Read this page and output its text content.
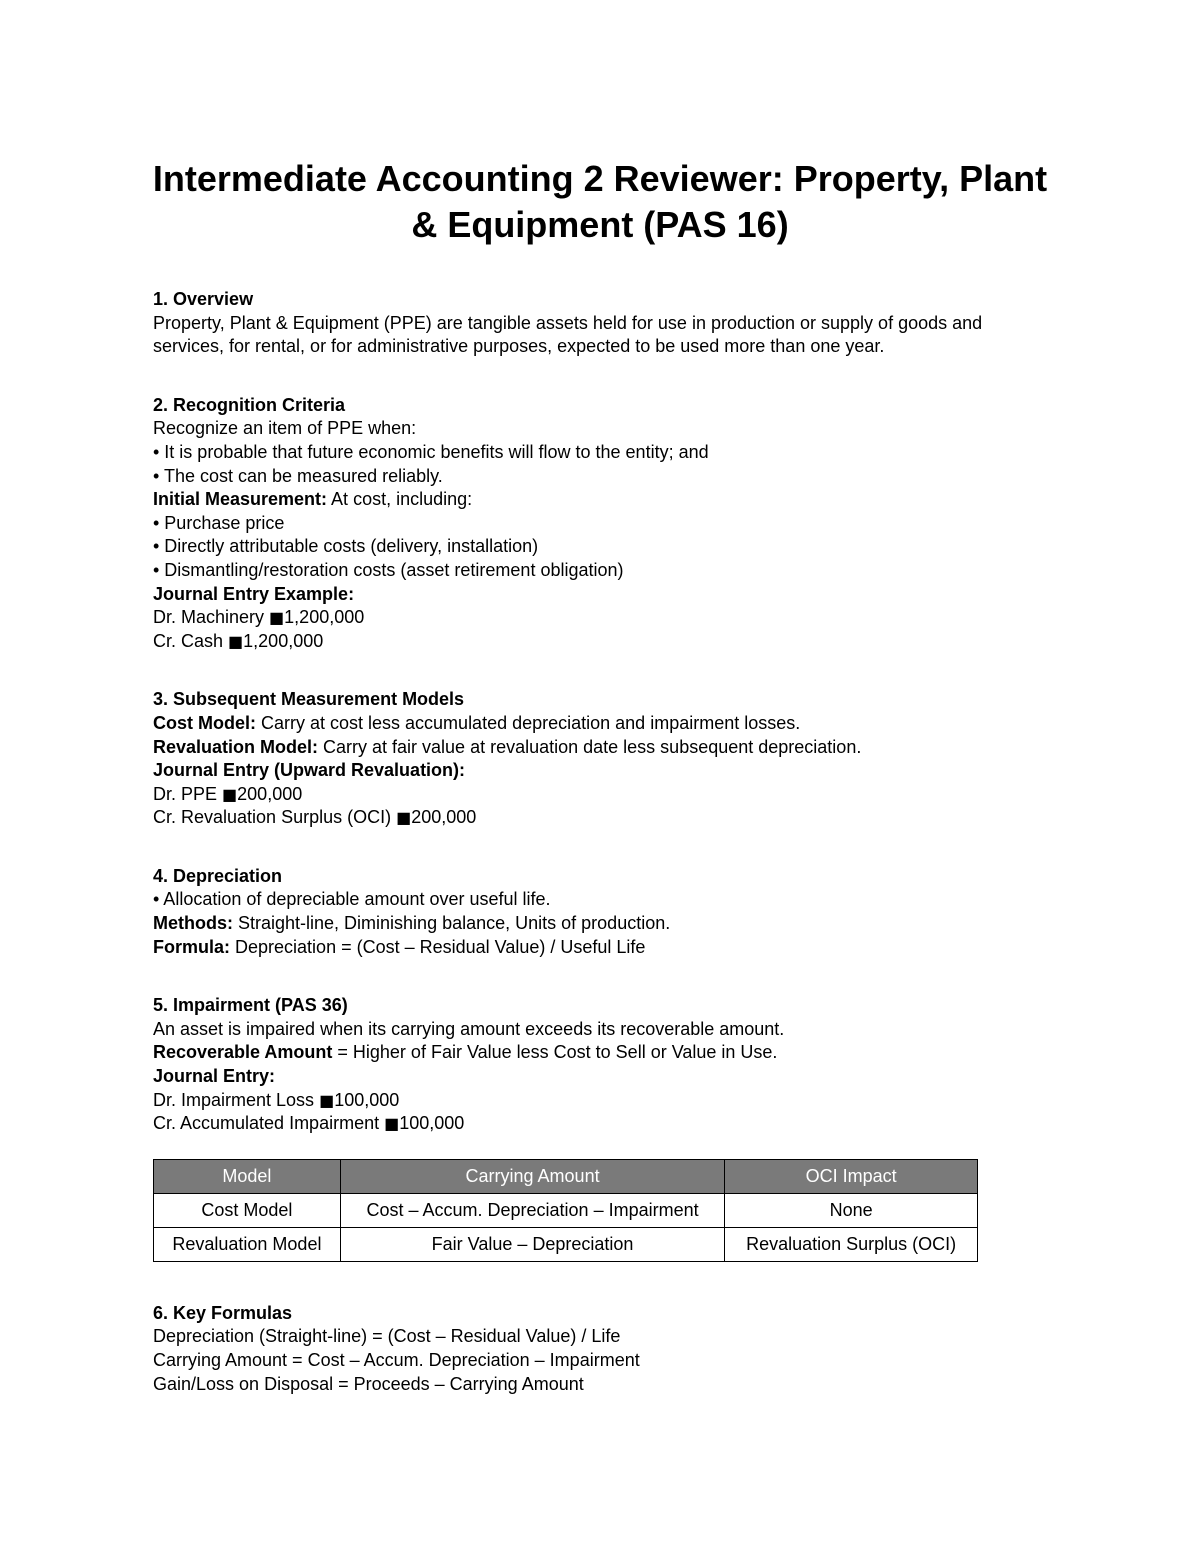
Intermediate Accounting 2 Reviewer: Property, Plant & Equipment (PAS 16)
1. Overview

Property, Plant & Equipment (PPE) are tangible assets held for use in production or supply of goods and services, for rental, or for administrative purposes, expected to be used more than one year.

2. Recognition Criteria

Recognize an item of PPE when:

• It is probable that future economic benefits will flow to the entity; and

• The cost can be measured reliably.

Initial Measurement: At cost, including:

• Purchase price

• Directly attributable costs (delivery, installation)

• Dismantling/restoration costs (asset retirement obligation)

Journal Entry Example:

Dr. Machinery ■1,200,000

Cr. Cash ■1,200,000

3. Subsequent Measurement Models

Cost Model: Carry at cost less accumulated depreciation and impairment losses.

Revaluation Model: Carry at fair value at revaluation date less subsequent depreciation.

Journal Entry (Upward Revaluation):

Dr. PPE ■200,000

Cr. Revaluation Surplus (OCI) ■200,000

4. Depreciation

• Allocation of depreciable amount over useful life.

Methods: Straight-line, Diminishing balance, Units of production.

Formula: Depreciation = (Cost – Residual Value) / Useful Life

5. Impairment (PAS 36)

An asset is impaired when its carrying amount exceeds its recoverable amount.

Recoverable Amount = Higher of Fair Value less Cost to Sell or Value in Use.

Journal Entry:

Dr. Impairment Loss ■100,000

Cr. Accumulated Impairment ■100,000

Model	Carrying Amount	OCI Impact
Cost Model	Cost – Accum. Depreciation – Impairment	None
Revaluation Model	Fair Value – Depreciation	Revaluation Surplus (OCI)
6. Key Formulas

Depreciation (Straight-line) = (Cost – Residual Value) / Life

Carrying Amount = Cost – Accum. Depreciation – Impairment

Gain/Loss on Disposal = Proceeds – Carrying Amount
